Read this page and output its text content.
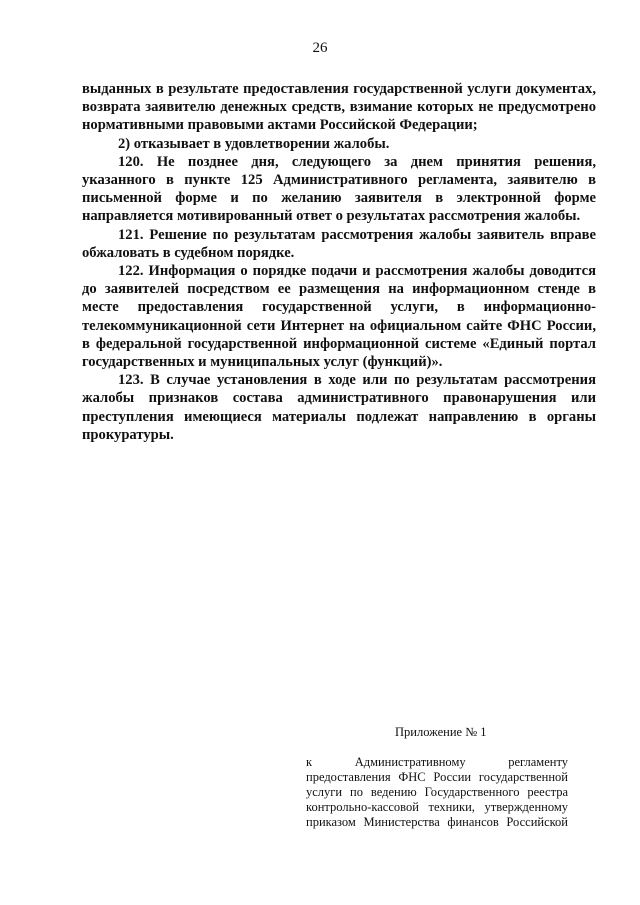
26

выданных в результате предоставления государственной услуги документах, возврата заявителю денежных средств, взимание которых не предусмотрено нормативными правовыми актами Российской Федерации;

2) отказывает в удовлетворении жалобы.

120. Не позднее дня, следующего за днем принятия решения, указанного в пункте 125 Административного регламента, заявителю в письменной форме и по желанию заявителя в электронной форме направляется мотивированный ответ о результатах рассмотрения жалобы.

121. Решение по результатам рассмотрения жалобы заявитель вправе обжаловать в судебном порядке.

122. Информация о порядке подачи и рассмотрения жалобы доводится до заявителей посредством ее размещения на информационном стенде в месте предоставления государственной услуги, в информационно-телекоммуникационной сети Интернет на официальном сайте ФНС России, в федеральной государственной информационной системе «Единый портал государственных и муниципальных услуг (функций)».

123. В случае установления в ходе или по результатам рассмотрения жалобы признаков состава административного правонарушения или преступления имеющиеся материалы подлежат направлению в органы прокуратуры.

Приложение № 1

к Административному регламенту
предоставления ФНС России государственной
услуги по ведению Государственного реестра
контрольно-кассовой техники, утвержденному
приказом Министерства финансов Российской
